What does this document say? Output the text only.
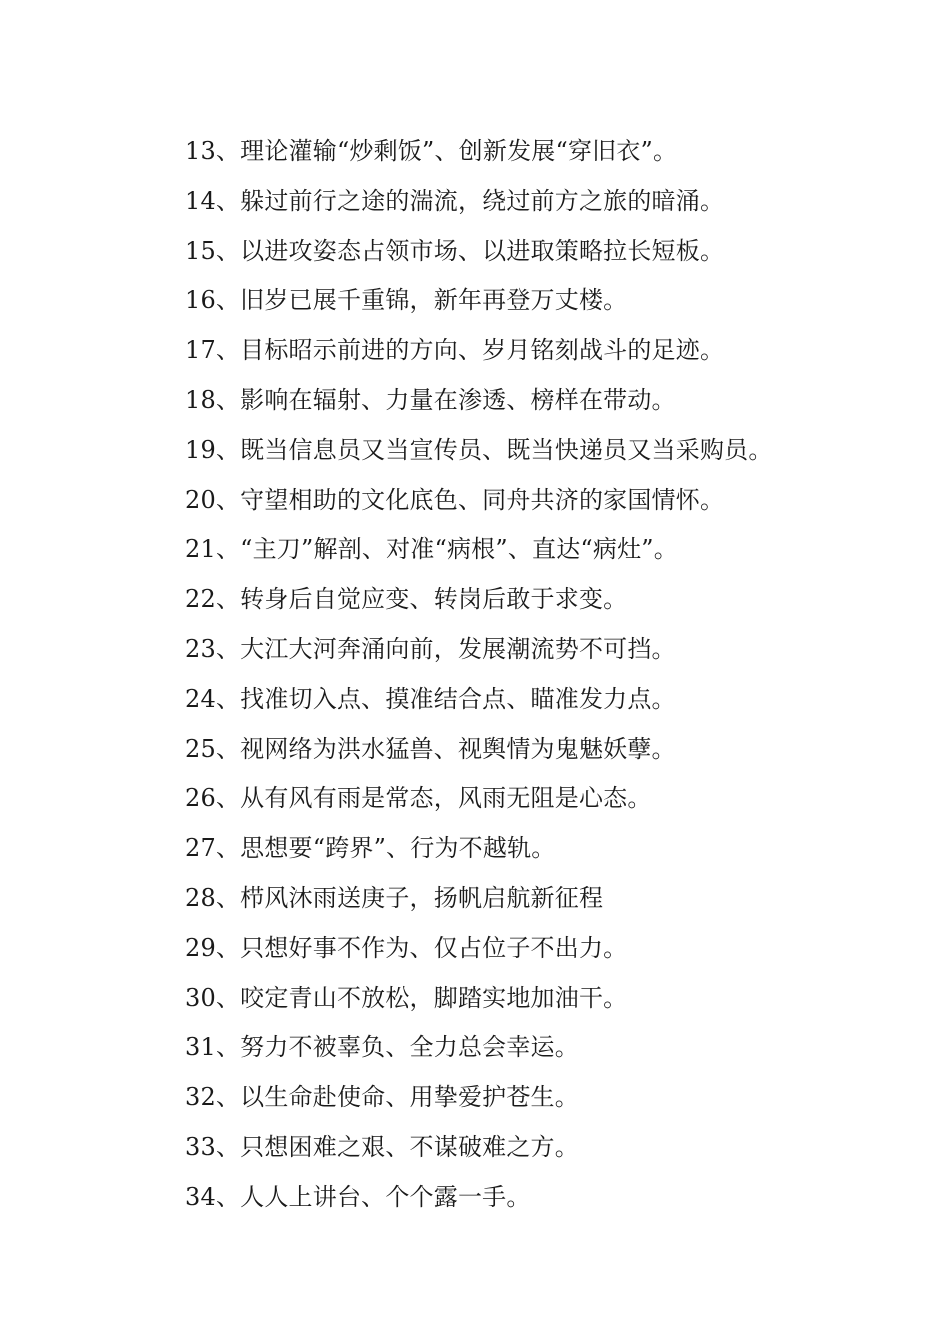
13、理论灌输“炒剩饭”、创新发展“穿旧衣”。
14、躲过前行之途的湍流，绕过前方之旅的暗涌。
15、以进攻姿态占领市场、以进取策略拉长短板。
16、旧岁已展千重锦，新年再登万丈楼。
17、目标昭示前进的方向、岁月铭刻战斗的足迹。
18、影响在辐射、力量在渗透、榜样在带动。
19、既当信息员又当宣传员、既当快递员又当采购员。
20、守望相助的文化底色、同舟共济的家国情怀。
21、“主刀”解剖、对准“病根”、直达“病灶”。
22、转身后自觉应变、转岗后敢于求变。
23、大江大河奔涌向前，发展潮流势不可挡。
24、找准切入点、摸准结合点、瞄准发力点。
25、视网络为洪水猛兽、视舆情为鬼魅妖孽。
26、从有风有雨是常态，风雨无阻是心态。
27、思想要“跨界”、行为不越轨。
28、栉风沐雨送庚子，扬帆启航新征程
29、只想好事不作为、仅占位子不出力。
30、咬定青山不放松，脚踏实地加油干。
31、努力不被辜负、全力总会幸运。
32、以生命赴使命、用挚爱护苍生。
33、只想困难之艰、不谋破难之方。
34、人人上讲台、个个露一手。
